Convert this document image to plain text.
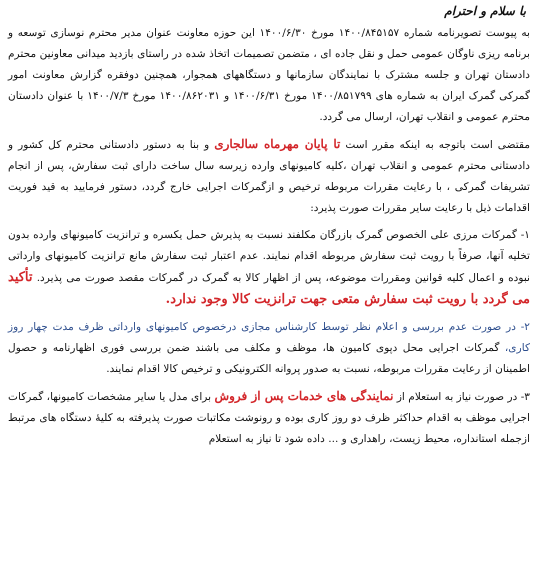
با سلام و احترام

به پیوست تصویرنامه شماره ۱۴۰۰/۸۴۵۱۵۷ مورخ ۱۴۰۰/۶/۳۰ این حوزه معاونت عنوان مدیر محترم نوسازی توسعه و برنامه ریزی ناوگان عمومی حمل و نقل جاده ای ، متضمن تصمیمات اتخاذ شده در راستای بازدید میدانی معاونین محترم دادستان تهران و جلسه مشترک با نمایندگان سازمانها و دستگاههای همجوار، همچنین دوفقره گزارش معاونت امور گمرکی گمرک ایران به شماره های ۱۴۰۰/۸۵۱۷۹۹ مورخ ۱۴۰۰/۶/۳۱ و ۱۴۰۰/۸۶۲۰۳۱ مورخ ۱۴۰۰/۷/۳ با عنوان دادستان محترم عمومی و انقلاب تهران، ارسال می گردد.

مقتضی است باتوجه به اینکه مقرر است تا پایان مهرماه سالجاری و بنا به دستور دادستانی محترم کل کشور و دادستانی محترم عمومی و انقلاب تهران ،کلیه کامیونهای وارده زیرسه سال ساخت دارای ثبت سفارش، پس از انجام تشریفات گمرکی ، با رعایت مقررات مربوطه ترخیص و ازگمرکات اجرایی خارج گردد، دستور فرمایید به قید فوریت اقدامات ذیل با رعایت سایر مقررات صورت پذیرد:

۱- گمرکات مرزی علی الخصوص گمرک بازرگان مکلفند نسبت به پذیرش حمل یکسره و ترانزیت کامیونهای وارده بدون تخلیه آنها، صرفاً با رویت ثبت سفارش مربوطه اقدام نمایند. عدم اعتبار ثبت سفارش مانع ترانزیت کامیونهای وارداتی نبوده و اعمال کلیه قوانین ومقررات موضوعه، پس از اظهار کالا به گمرک در گمرکات مقصد صورت می پذیرد. تأکید می گردد با رویت ثبت سفارش متعی جهت ترانزیت کالا وجود ندارد.

۲- در صورت عدم بررسی و اعلام نظر توسط کارشناس مجازی درخصوص کامیونهای وارداتی ظرف مدت چهار روز کاری، گمرکات اجرایی محل دپوی کامیون ها، موظف و مکلف می باشند ضمن بررسی فوری اظهارنامه و حصول اطمینان از رعایت مقررات مربوطه، نسبت به صدور پروانه الکترونیکی و ترخیص کالا اقدام نمایند.

۳- در صورت نیاز به استعلام از نمایندگی های خدمات پس از فروش برای مدل یا سایر مشخصات کامیونها، گمرکات اجرایی موظف به اقدام حداکثر ظرف دو روز کاری بوده و رونوشت مکاتبات صورت پذیرفته به کلیهٔ دستگاه های مرتبط ازجمله استانداره، محیط زیست، راهداری و ... داده شود تا نیاز به استعلام
